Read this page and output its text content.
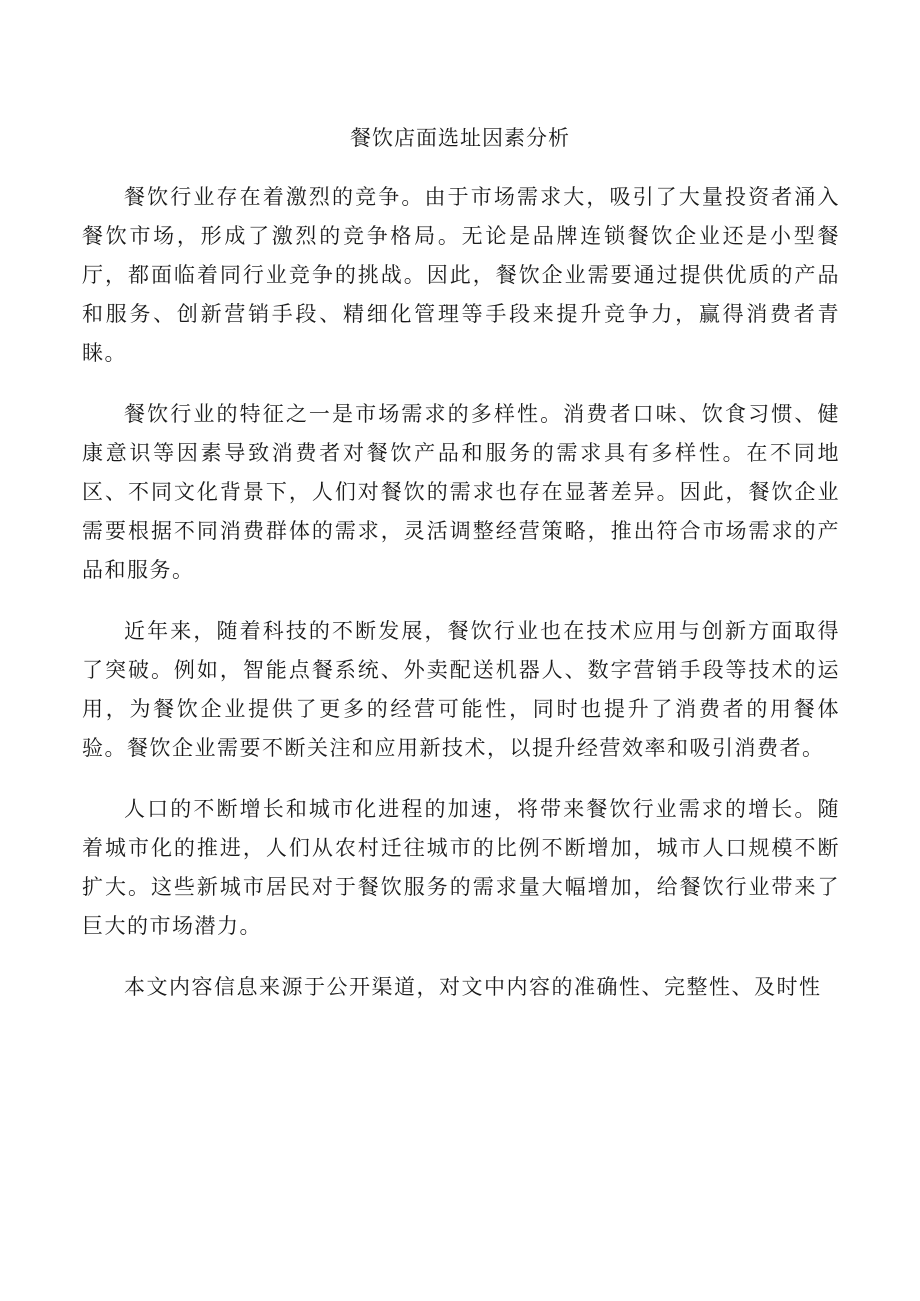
餐饮店面选址因素分析

餐饮行业存在着激烈的竞争。由于市场需求大，吸引了大量投资者涌入餐饮市场，形成了激烈的竞争格局。无论是品牌连锁餐饮企业还是小型餐厅，都面临着同行业竞争的挑战。因此，餐饮企业需要通过提供优质的产品和服务、创新营销手段、精细化管理等手段来提升竞争力，赢得消费者青睐。

餐饮行业的特征之一是市场需求的多样性。消费者口味、饮食习惯、健康意识等因素导致消费者对餐饮产品和服务的需求具有多样性。在不同地区、不同文化背景下，人们对餐饮的需求也存在显著差异。因此，餐饮企业需要根据不同消费群体的需求，灵活调整经营策略，推出符合市场需求的产品和服务。

近年来，随着科技的不断发展，餐饮行业也在技术应用与创新方面取得了突破。例如，智能点餐系统、外卖配送机器人、数字营销手段等技术的运用，为餐饮企业提供了更多的经营可能性，同时也提升了消费者的用餐体验。餐饮企业需要不断关注和应用新技术，以提升经营效率和吸引消费者。

人口的不断增长和城市化进程的加速，将带来餐饮行业需求的增长。随着城市化的推进，人们从农村迁往城市的比例不断增加，城市人口规模不断扩大。这些新城市居民对于餐饮服务的需求量大幅增加，给餐饮行业带来了巨大的市场潜力。

本文内容信息来源于公开渠道，对文中内容的准确性、完整性、及时性
